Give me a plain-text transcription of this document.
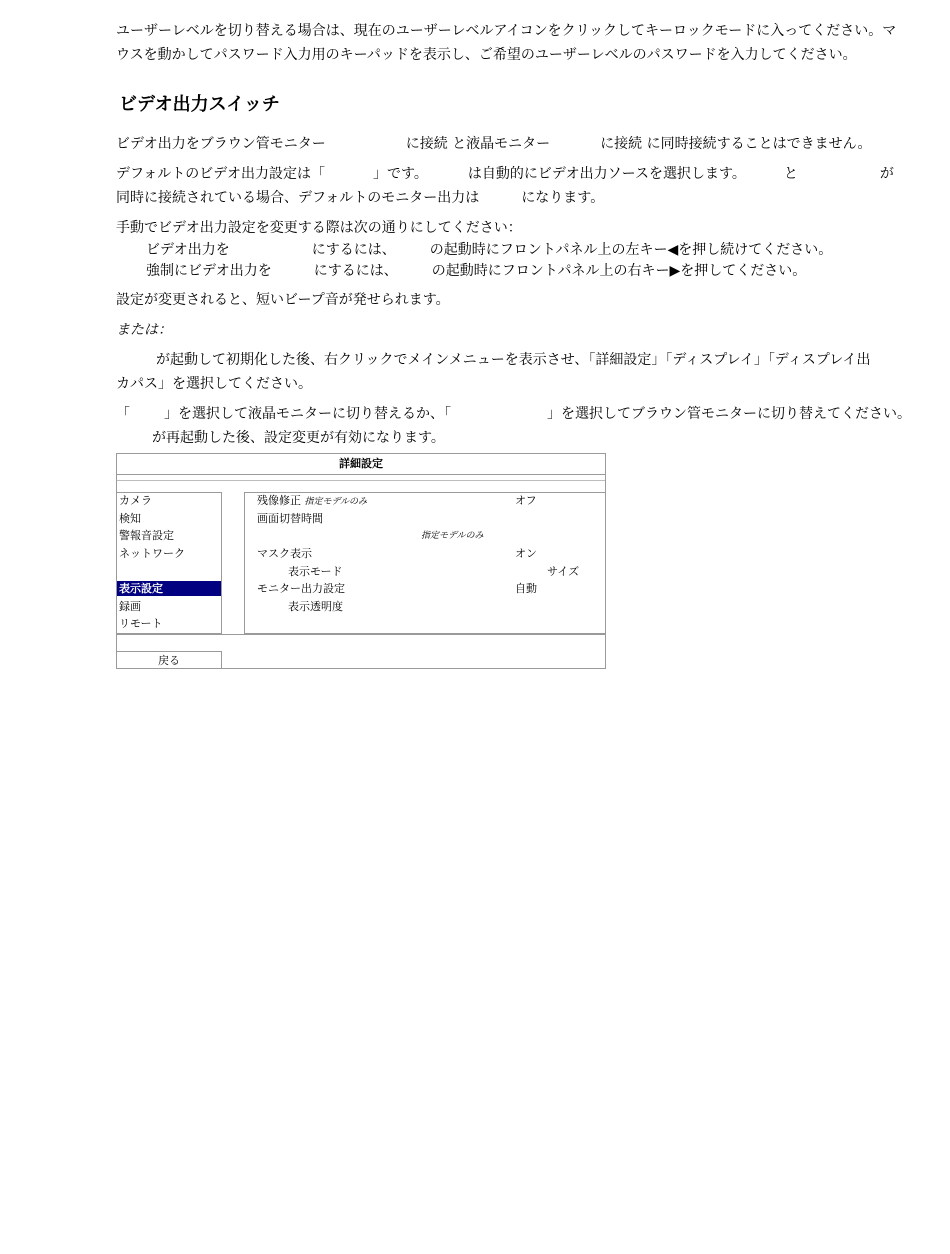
ユーザーレベルを切り替える場合は、現在のユーザーレベルアイコンをクリックしてキーロックモードに入ってください。マ
ウスを動かしてパスワード入力用のキーパッドを表示し、ご希望のユーザーレベルのパスワードを入力してください。
ビデオ出力スイッチ
ビデオ出力をブラウン管モニター	に接続 と液晶モニター	に接続 に同時接続することはできません。
デフォルトのビデオ出力設定は「	」です。	は自動的にビデオ出力ソースを選択します。	と	が
同時に接続されている場合、デフォルトのモニター出力は	になります。
手動でビデオ出力設定を変更する際は次の通りにしてください：
ビデオ出力を	にするには、 の起動時にフロントパネル上の左キー◀を押し続けてください。
強制にビデオ出力を	にするには、 の起動時にフロントパネル上の右キー▶を押してください。
設定が変更されると、短いビープ音が発せられます。
または：
が起動して初期化した後、右クリックでメインメニューを表示させ、「詳細設定」「ディスプレイ」「ディスプレイ出
カパス」を選択してください。
「 」を選択して液晶モニターに切り替えるか、「	」を選択してブラウン管モニターに切り替えてください。
が再起動した後、設定変更が有効になります。
詳細設定
カメラ
検知
警報音設定
ネットワーク
表示設定
録画
リモート
残像修正 指定モデルのみ	オフ
画面切替時間
指定モデルのみ
マスク表示	オン
表示モード	サイズ
モニター出力設定	自動
表示透明度
戻る
